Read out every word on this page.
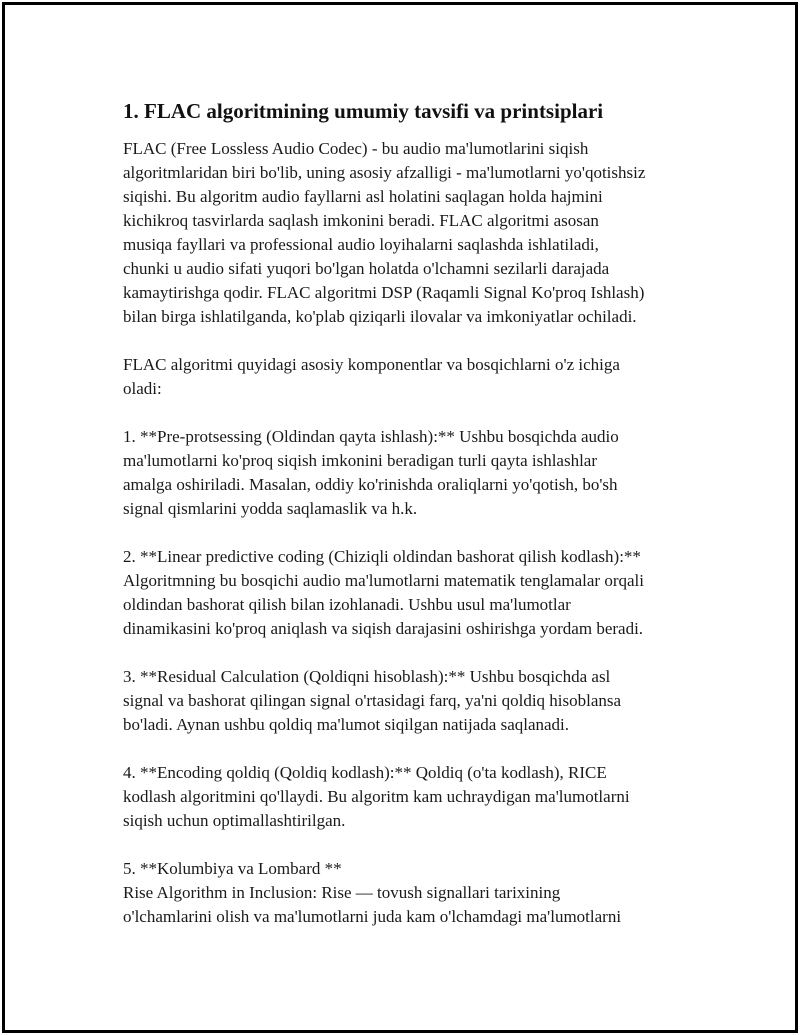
1. FLAC algoritmining umumiy tavsifi va printsiplari

FLAC (Free Lossless Audio Codec) - bu audio ma'lumotlarini siqish
algoritmlaridan biri bo'lib, uning asosiy afzalligi - ma'lumotlarni yo'qotishsiz
siqishi. Bu algoritm audio fayllarni asl holatini saqlagan holda hajmini
kichikroq tasvirlarda saqlash imkonini beradi. FLAC algoritmi asosan
musiqa fayllari va professional audio loyihalarni saqlashda ishlatiladi,
chunki u audio sifati yuqori bo'lgan holatda o'lchamni sezilarli darajada
kamaytirishga qodir. FLAC algoritmi DSP (Raqamli Signal Ko'proq Ishlash)
bilan birga ishlatilganda, ko'plab qiziqarli ilovalar va imkoniyatlar ochiladi.

FLAC algoritmi quyidagi asosiy komponentlar va bosqichlarni o'z ichiga
oladi:

1. **Pre-protsessing (Oldindan qayta ishlash):** Ushbu bosqichda audio
ma'lumotlarni ko'proq siqish imkonini beradigan turli qayta ishlashlar
amalga oshiriladi. Masalan, oddiy ko'rinishda oraliqlarni yo'qotish, bo'sh
signal qismlarini yodda saqlamaslik va h.k.

2. **Linear predictive coding (Chiziqli oldindan bashorat qilish kodlash):**
Algoritmning bu bosqichi audio ma'lumotlarni matematik tenglamalar orqali
oldindan bashorat qilish bilan izohlanadi. Ushbu usul ma'lumotlar
dinamikasini ko'proq aniqlash va siqish darajasini oshirishga yordam beradi.

3. **Residual Calculation (Qoldiqni hisoblash):** Ushbu bosqichda asl
signal va bashorat qilingan signal o'rtasidagi farq, ya'ni qoldiq hisoblansa
bo'ladi. Aynan ushbu qoldiq ma'lumot siqilgan natijada saqlanadi.

4. **Encoding qoldiq (Qoldiq kodlash):** Qoldiq (o'ta kodlash), RICE
kodlash algoritmini qo'llaydi. Bu algoritm kam uchraydigan ma'lumotlarni
siqish uchun optimallashtirilgan.

5. **Kolumbiya va Lombard **
Rise Algorithm in Inclusion: Rise — tovush signallari tarixining
o'lchamlarini olish va ma'lumotlarni juda kam o'lchamdagi ma'lumotlarni
